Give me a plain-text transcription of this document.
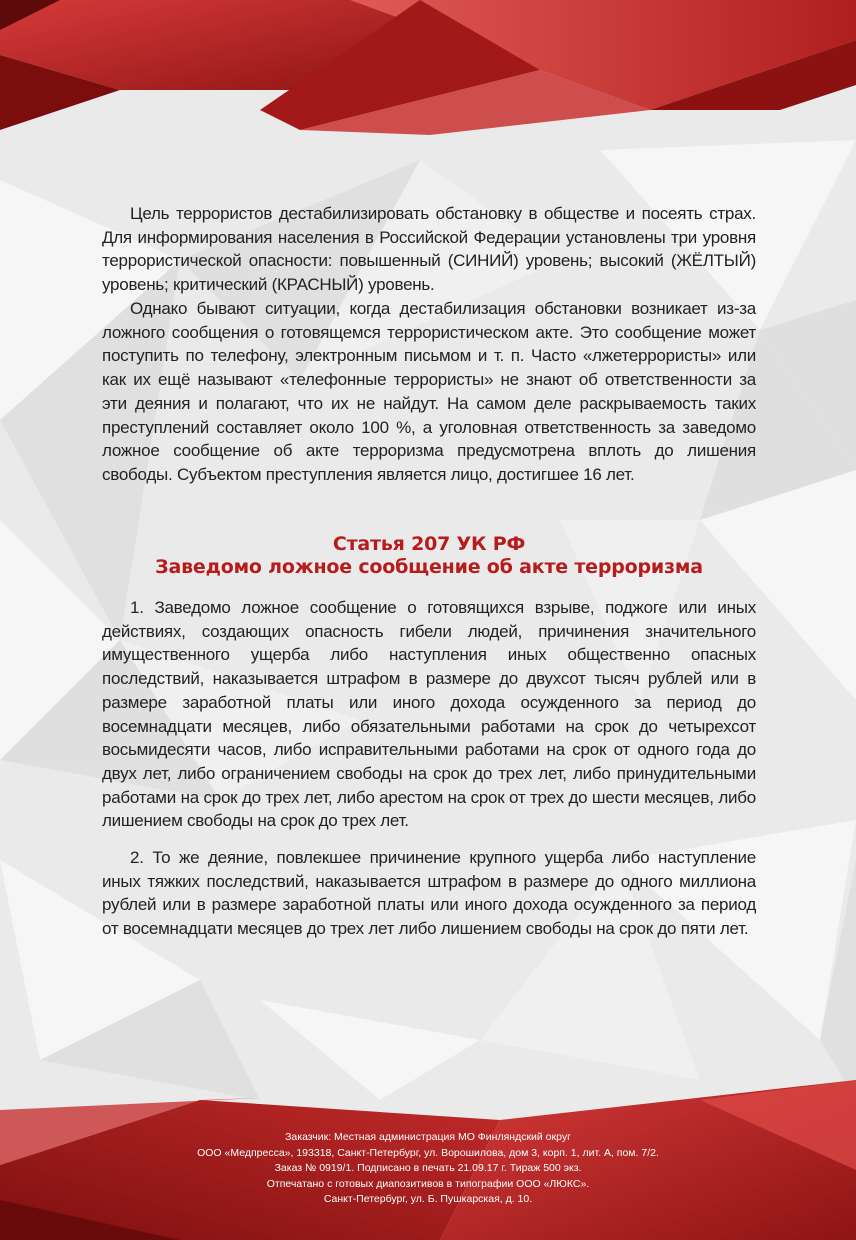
Цель террористов дестабилизировать обстановку в обществе и посеять страх. Для информирования населения в Российской Федерации установлены три уровня террористической опасности: повышенный (СИНИЙ) уровень; высокий (ЖЁЛТЫЙ) уровень; критический (КРАСНЫЙ) уровень.

Однако бывают ситуации, когда дестабилизация обстановки возникает из-за ложного сообщения о готовящемся террористическом акте. Это сообщение может поступить по телефону, электронным письмом и т. п. Часто «лжетеррористы» или как их ещё называют «телефонные террористы» не знают об ответственности за эти деяния и полагают, что их не найдут. На самом деле раскрываемость таких преступлений составляет около 100 %, а уголовная ответственность за заведомо ложное сообщение об акте терроризма предусмотрена вплоть до лишения свободы. Субъектом преступления является лицо, достигшее 16 лет.

Статья 207 УК РФ
Заведомо ложное сообщение об акте терроризма

1. Заведомо ложное сообщение о готовящихся взрыве, поджоге или иных действиях, создающих опасность гибели людей, причинения значительного имущественного ущерба либо наступления иных общественно опасных последствий, наказывается штрафом в размере до двухсот тысяч рублей или в размере заработной платы или иного дохода осужденного за период до восемнадцати месяцев, либо обязательными работами на срок до четырехсот восьмидесяти часов, либо исправительными работами на срок от одного года до двух лет, либо ограничением свободы на срок до трех лет, либо принудительными работами на срок до трех лет, либо арестом на срок от трех до шести месяцев, либо лишением свободы на срок до трех лет.

2. То же деяние, повлекшее причинение крупного ущерба либо наступление иных тяжких последствий, наказывается штрафом в размере до одного миллиона рублей или в размере заработной платы или иного дохода осужденного за период от восемнадцати месяцев до трех лет либо лишением свободы на срок до пяти лет.

Заказчик: Местная администрация МО Финляндский округ
ООО «Медпресса», 193318, Санкт-Петербург, ул. Ворошилова, дом 3, корп. 1, лит. А, пом. 7/2.
Заказ № 0919/1. Подписано в печать 21.09.17 г. Тираж 500 экз.
Отпечатано с готовых диапозитивов в типографии ООО «ЛЮКС».
Санкт-Петербург, ул. Б. Пушкарская, д. 10.
